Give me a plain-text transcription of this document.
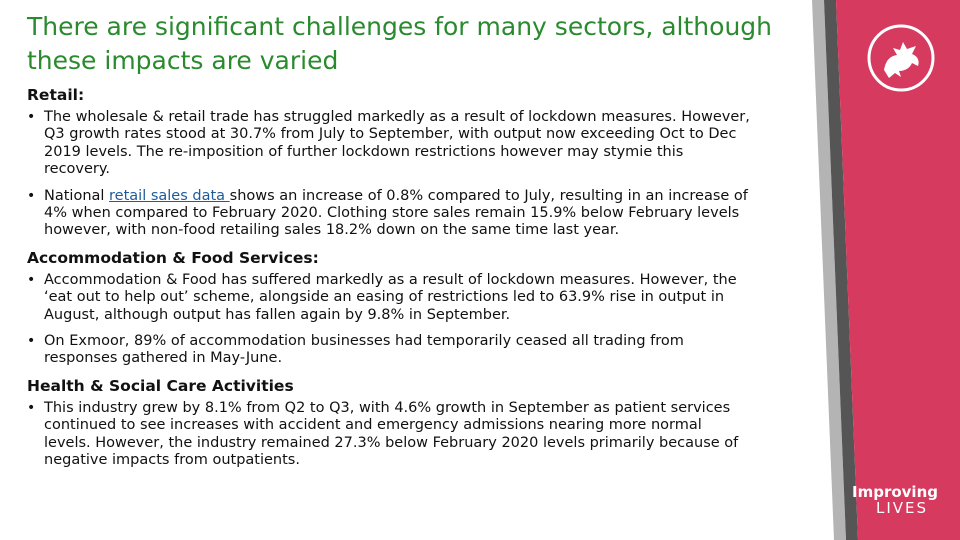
There are significant challenges for many sectors, although these impacts are varied

Retail:

• The wholesale & retail trade has struggled markedly as a result of lockdown measures. However, Q3 growth rates stood at 30.7% from July to September, with output now exceeding Oct to Dec 2019 levels. The re-imposition of further lockdown restrictions however may stymie this recovery.
• National retail sales data shows an increase of 0.8% compared to July, resulting in an increase of 4% when compared to February 2020. Clothing store sales remain 15.9% below February levels however, with non-food retailing sales 18.2% down on the same time last year.

Accommodation & Food Services:

• Accommodation & Food has suffered markedly as a result of lockdown measures. However, the ‘eat out to help out’ scheme, alongside an easing of restrictions led to 63.9% rise in output in August, although output has fallen again by 9.8% in September.
• On Exmoor, 89% of accommodation businesses had temporarily ceased all trading from responses gathered in May-June.

Health & Social Care Activities

• This industry grew by 8.1% from Q2 to Q3, with 4.6% growth in September as patient services continued to see increases with accident and emergency admissions nearing more normal levels. However, the industry remained 27.3% below February 2020 levels primarily because of negative impacts from outpatients.
Improving
LIVES
